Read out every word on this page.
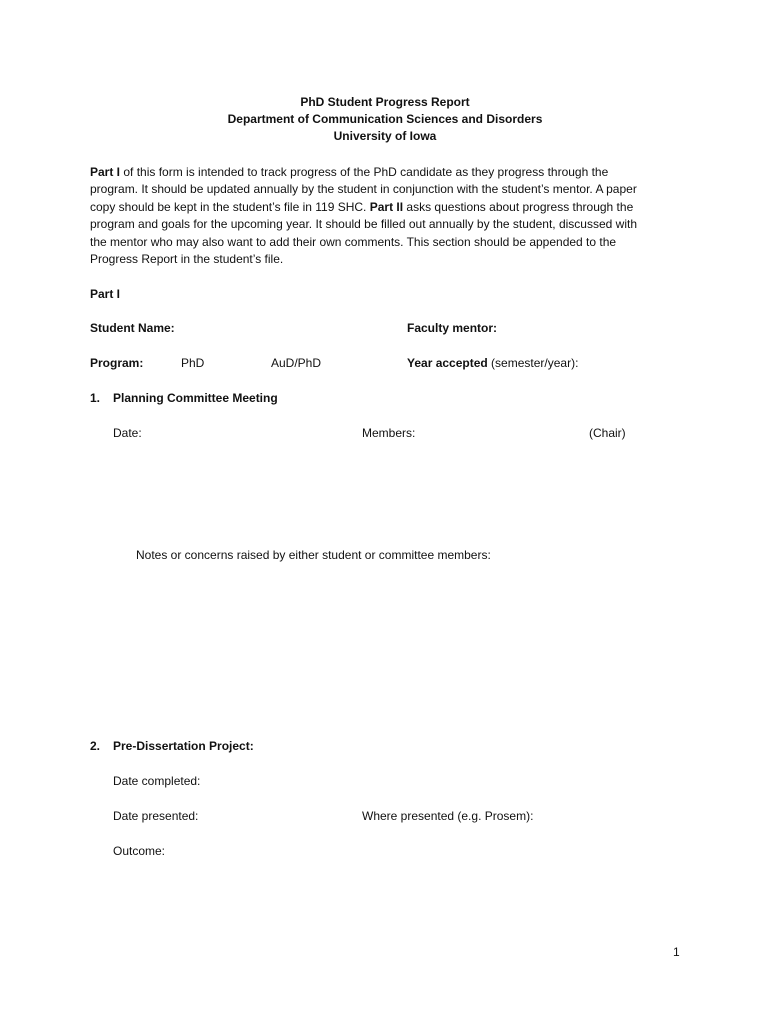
PhD Student Progress Report
Department of Communication Sciences and Disorders
University of Iowa
Part I of this form is intended to track progress of the PhD candidate as they progress through the program. It should be updated annually by the student in conjunction with the student’s mentor. A paper copy should be kept in the student’s file in 119 SHC. Part II asks questions about progress through the program and goals for the upcoming year. It should be filled out annually by the student, discussed with the mentor who may also want to add their own comments. This section should be appended to the Progress Report in the student’s file.
Part I
Student Name:	Faculty mentor:
Program:	PhD	AuD/PhD	Year accepted (semester/year):
1. Planning Committee Meeting
Date:	Members:	(Chair)
Notes or concerns raised by either student or committee members:
2. Pre-Dissertation Project:
Date completed:
Date presented:	Where presented (e.g. Prosem):
Outcome:
1
